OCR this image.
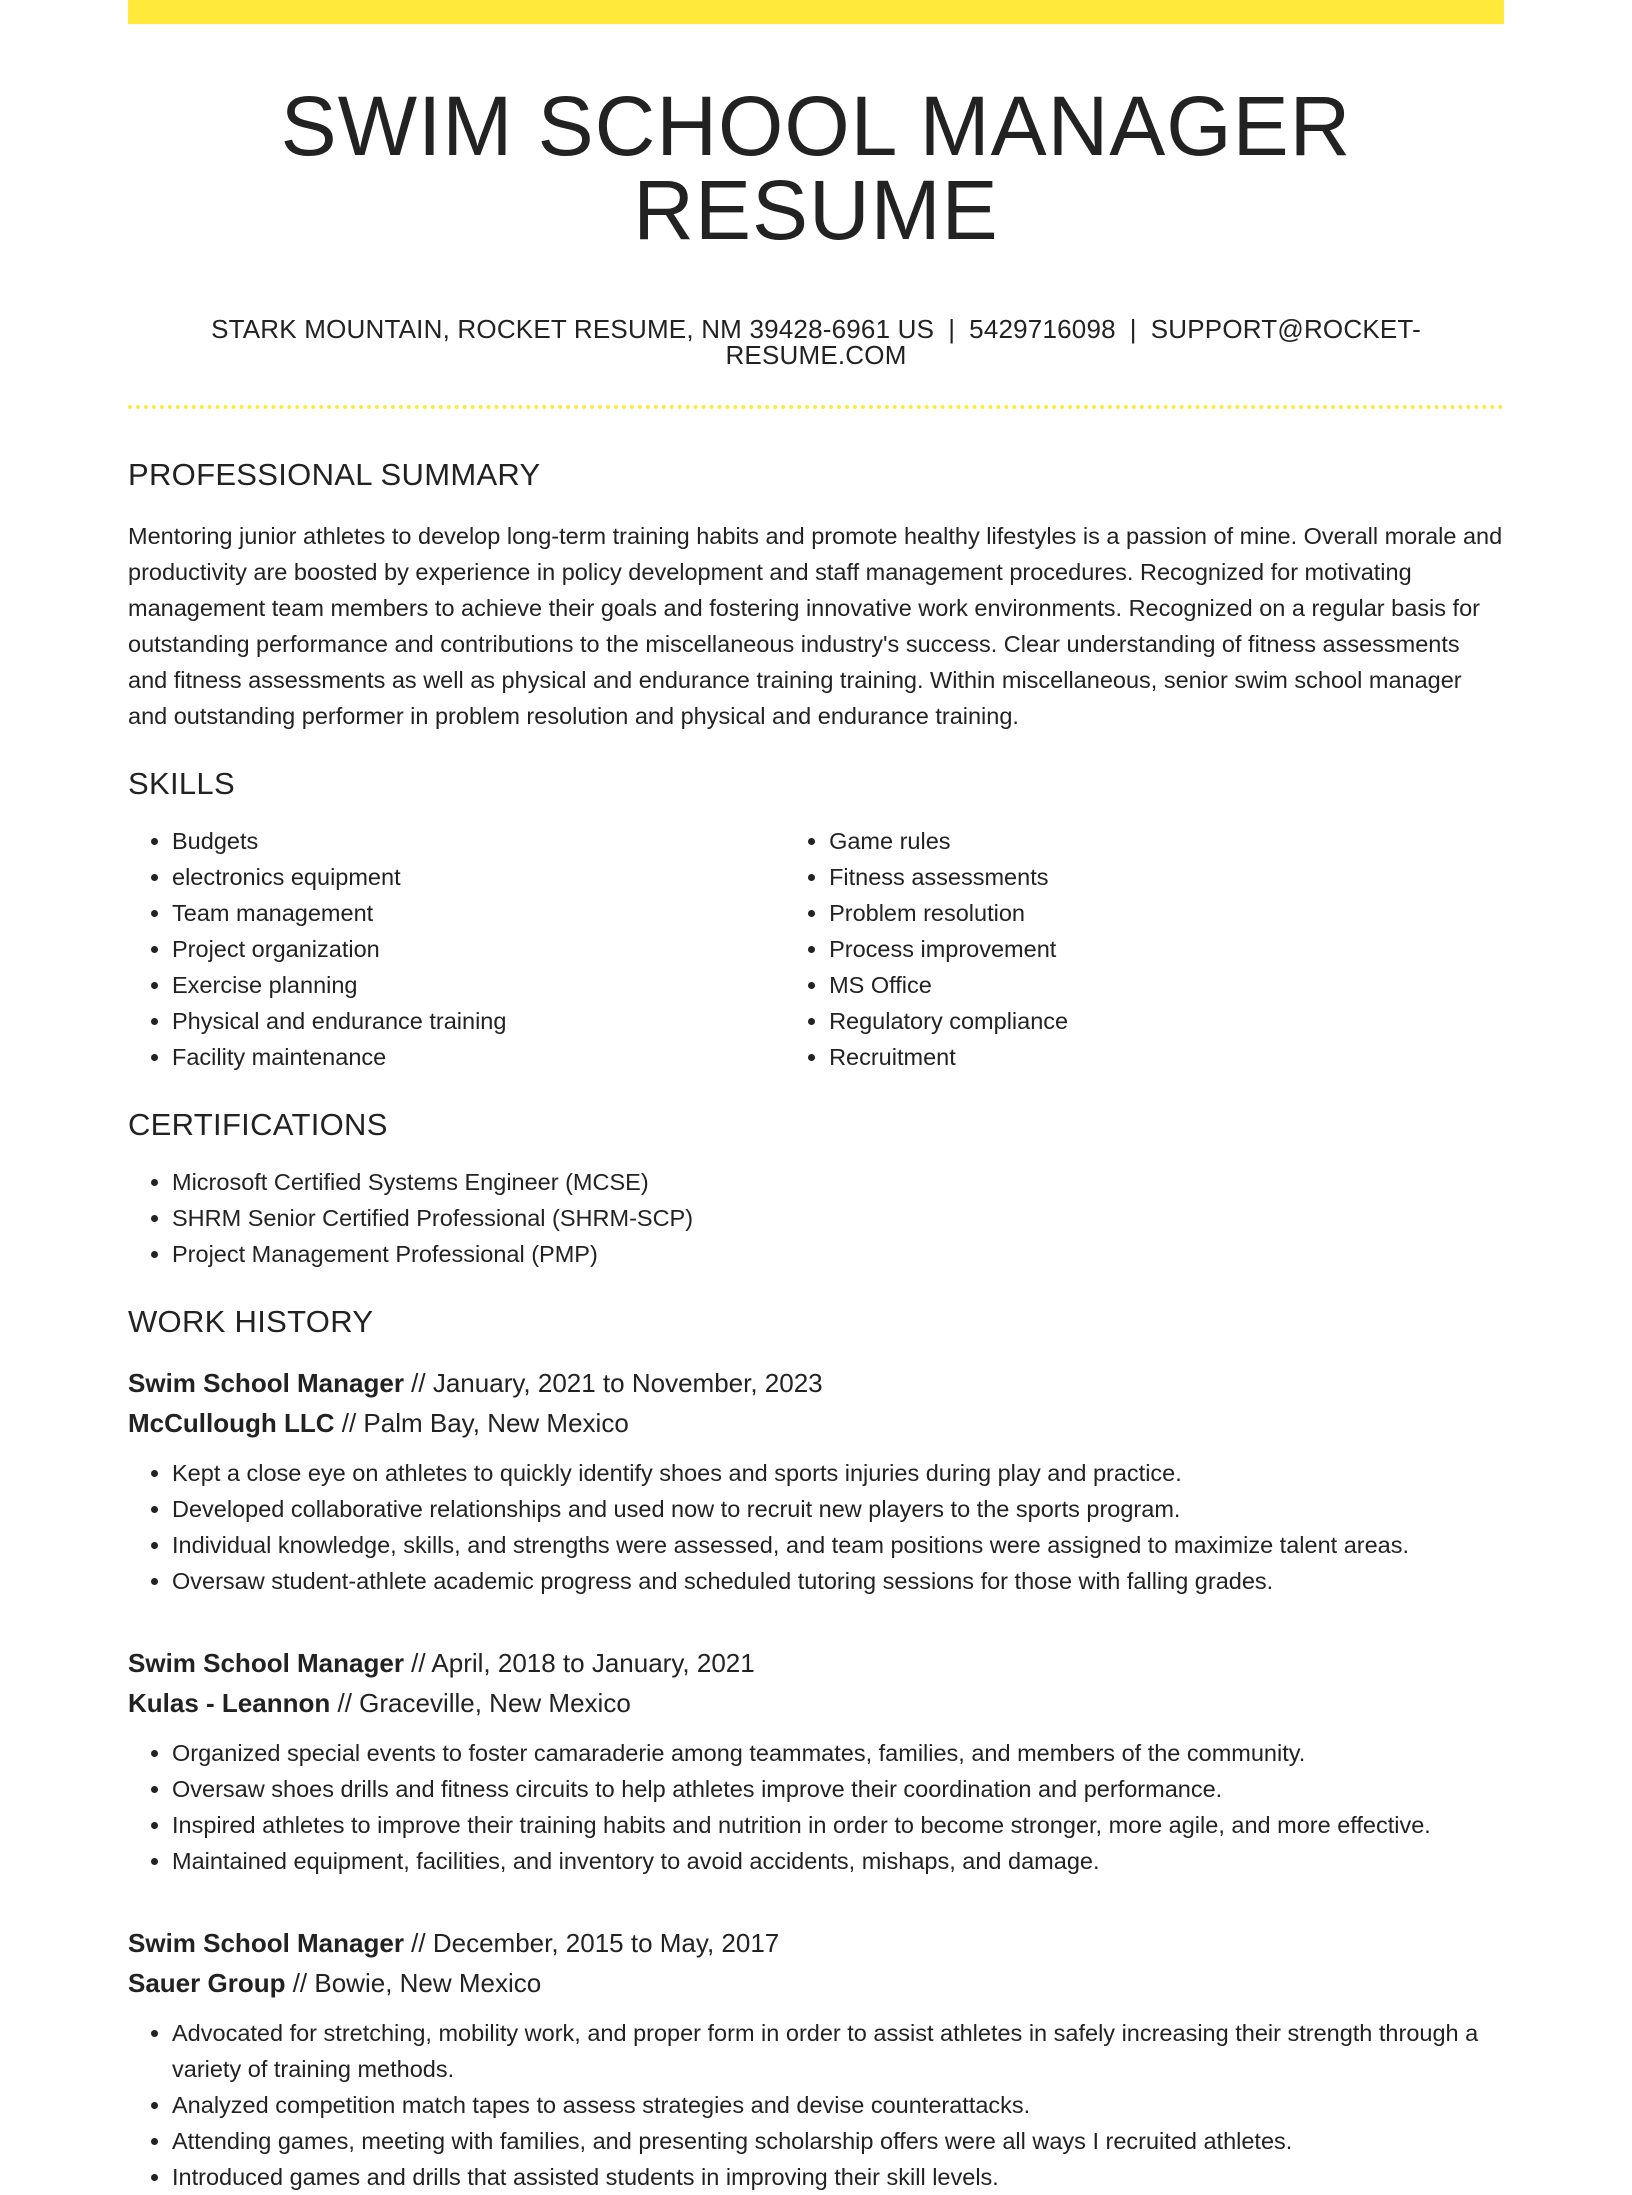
SWIM SCHOOL MANAGER RESUME
STARK MOUNTAIN, ROCKET RESUME, NM 39428-6961 US | 5429716098 | SUPPORT@ROCKET-RESUME.COM
PROFESSIONAL SUMMARY

Mentoring junior athletes to develop long-term training habits and promote healthy lifestyles is a passion of mine. Overall morale and productivity are boosted by experience in policy development and staff management procedures. Recognized for motivating management team members to achieve their goals and fostering innovative work environments. Recognized on a regular basis for outstanding performance and contributions to the miscellaneous industry's success. Clear understanding of fitness assessments and fitness assessments as well as physical and endurance training training. Within miscellaneous, senior swim school manager and outstanding performer in problem resolution and physical and endurance training.

SKILLS
• Budgets
• electronics equipment
• Team management
• Project organization
• Exercise planning
• Physical and endurance training
• Facility maintenance
• Game rules
• Fitness assessments
• Problem resolution
• Process improvement
• MS Office
• Regulatory compliance
• Recruitment
CERTIFICATIONS
• Microsoft Certified Systems Engineer (MCSE)
• SHRM Senior Certified Professional (SHRM-SCP)
• Project Management Professional (PMP)
WORK HISTORY
Swim School Manager // January, 2021 to November, 2023
McCullough LLC // Palm Bay, New Mexico
• Kept a close eye on athletes to quickly identify shoes and sports injuries during play and practice.
• Developed collaborative relationships and used now to recruit new players to the sports program.
• Individual knowledge, skills, and strengths were assessed, and team positions were assigned to maximize talent areas.
• Oversaw student-athlete academic progress and scheduled tutoring sessions for those with falling grades.
Swim School Manager // April, 2018 to January, 2021
Kulas - Leannon // Graceville, New Mexico
• Organized special events to foster camaraderie among teammates, families, and members of the community.
• Oversaw shoes drills and fitness circuits to help athletes improve their coordination and performance.
• Inspired athletes to improve their training habits and nutrition in order to become stronger, more agile, and more effective.
• Maintained equipment, facilities, and inventory to avoid accidents, mishaps, and damage.
Swim School Manager // December, 2015 to May, 2017
Sauer Group // Bowie, New Mexico
• Advocated for stretching, mobility work, and proper form in order to assist athletes in safely increasing their strength through a variety of training methods.
• Analyzed competition match tapes to assess strategies and devise counterattacks.
• Attending games, meeting with families, and presenting scholarship offers were all ways I recruited athletes.
• Introduced games and drills that assisted students in improving their skill levels.
